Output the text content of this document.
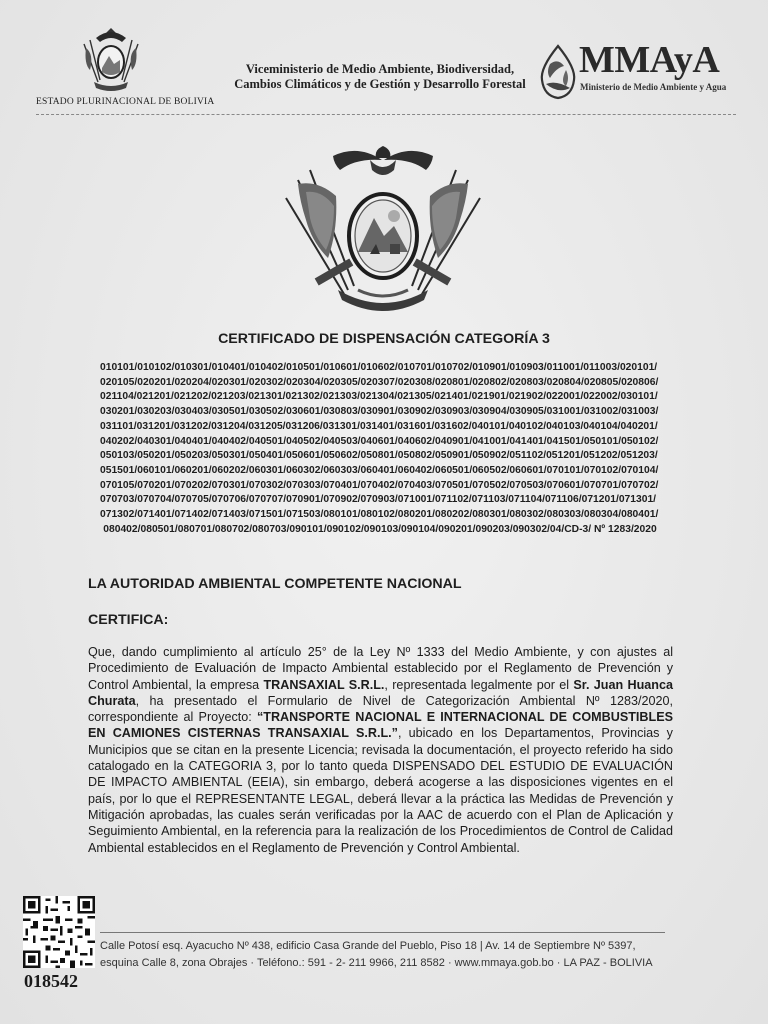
ESTADO PLURINACIONAL DE BOLIVIA
Viceministerio de Medio Ambiente, Biodiversidad,
Cambios Climáticos y de Gestión y Desarrollo Forestal
MMAyA
Ministerio de Medio Ambiente y Agua
CERTIFICADO DE DISPENSACIÓN CATEGORÍA 3
010101/010102/010301/010401/010402/010501/010601/010602/010701/010702/010901/010903/011001/011003/020101/020105/020201/020204/020301/020302/020304/020305/020307/020308/020801/020802/020803/020804/020805/020806/021104/021201/021202/021203/021301/021302/021303/021304/021305/021401/021901/021902/022001/022002/030101/030201/030203/030403/030501/030502/030601/030803/030901/030902/030903/030904/030905/031001/031002/031003/031101/031201/031202/031204/031205/031206/031301/031401/031601/031602/040101/040102/040103/040104/040201/040202/040301/040401/040402/040501/040502/040503/040601/040602/040901/041001/041401/041501/050101/050102/050103/050201/050203/050301/050401/050601/050602/050801/050802/050901/050902/051102/051201/051202/051203/051501/060101/060201/060202/060301/060302/060303/060401/060402/060501/060502/060601/070101/070102/070104/070105/070201/070202/070301/070302/070303/070401/070402/070403/070501/070502/070503/070601/070701/070702/070703/070704/070705/070706/070707/070901/070902/070903/071001/071102/071103/071104/071106/071201/071301/071302/071401/071402/071403/071501/071503/080101/080102/080201/080202/080301/080302/080303/080304/080401/080402/080501/080701/080702/080703/090101/090102/090103/090104/090201/090203/090302/04/CD-3/ Nº 1283/2020
LA AUTORIDAD AMBIENTAL COMPETENTE NACIONAL
CERTIFICA:
Que, dando cumplimiento al artículo 25° de la Ley Nº 1333 del Medio Ambiente, y con ajustes al Procedimiento de Evaluación de Impacto Ambiental establecido por el Reglamento de Prevención y Control Ambiental, la empresa TRANSAXIAL S.R.L., representada legalmente por el Sr. Juan Huanca Churata, ha presentado el Formulario de Nivel de Categorización Ambiental Nº 1283/2020, correspondiente al Proyecto: “TRANSPORTE NACIONAL E INTERNACIONAL DE COMBUSTIBLES EN CAMIONES CISTERNAS TRANSAXIAL S.R.L.”, ubicado en los Departamentos, Provincias y Municipios que se citan en la presente Licencia; revisada la documentación, el proyecto referido ha sido catalogado en la CATEGORIA 3, por lo tanto queda DISPENSADO DEL ESTUDIO DE EVALUACIÓN DE IMPACTO AMBIENTAL (EEIA), sin embargo, deberá acogerse a las disposiciones vigentes en el país, por lo que el REPRESENTANTE LEGAL, deberá llevar a la práctica las Medidas de Prevención y Mitigación aprobadas, las cuales serán verificadas por la AAC de acuerdo con el Plan de Aplicación y Seguimiento Ambiental, en la referencia para la realización de los Procedimientos de Control de Calidad Ambiental establecidos en el Reglamento de Prevención y Control Ambiental.
018542
Calle Potosí esq. Ayacucho Nº 438, edificio Casa Grande del Pueblo, Piso 18 | Av. 14 de Septiembre Nº 5397,
esquina Calle 8, zona Obrajes · Teléfono.: 591 - 2- 211 9966, 211 8582 · www.mmaya.gob.bo · LA PAZ - BOLIVIA
